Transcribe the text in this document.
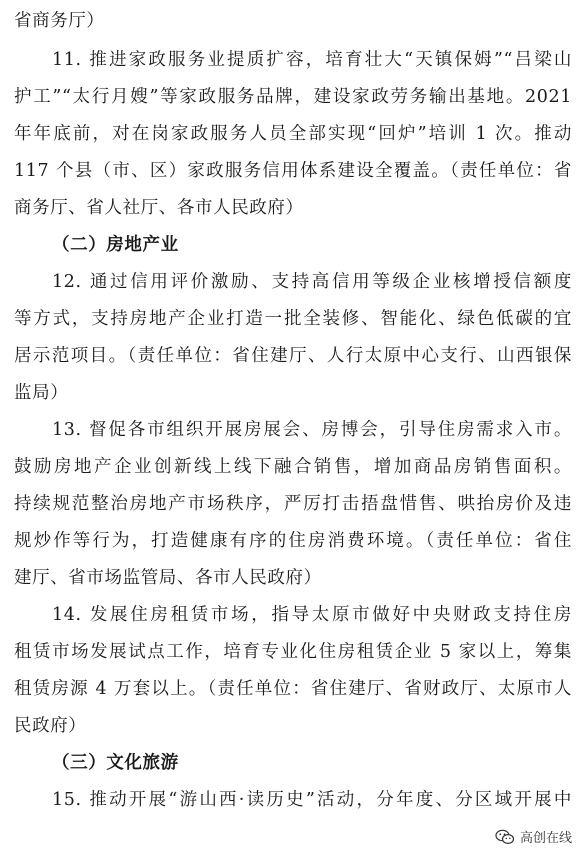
省商务厅）
11. 推进家政服务业提质扩容，培育壮大“天镇保姆”“吕梁山
护工”“太行月嫂”等家政服务品牌，建设家政劳务输出基地。2021
年年底前，对在岗家政服务人员全部实现“回炉”培训 1 次。推动
117 个县（市、区）家政服务信用体系建设全覆盖。（责任单位：省
商务厅、省人社厅、各市人民政府）
（二）房地产业
12. 通过信用评价激励、支持高信用等级企业核增授信额度
等方式，支持房地产企业打造一批全装修、智能化、绿色低碳的宜
居示范项目。（责任单位：省住建厅、人行太原中心支行、山西银保
监局）
13. 督促各市组织开展房展会、房博会，引导住房需求入市。
鼓励房地产企业创新线上线下融合销售，增加商品房销售面积。
持续规范整治房地产市场秩序，严厉打击捂盘惜售、哄抬房价及违
规炒作等行为，打造健康有序的住房消费环境。（责任单位：省住
建厅、省市场监管局、各市人民政府）
14. 发展住房租赁市场，指导太原市做好中央财政支持住房
租赁市场发展试点工作，培育专业化住房租赁企业 5 家以上，筹集
租赁房源 4 万套以上。（责任单位：省住建厅、省财政厅、太原市人
民政府）
（三）文化旅游
15. 推动开展“游山西·读历史”活动，分年度、分区域开展中
高创在线
